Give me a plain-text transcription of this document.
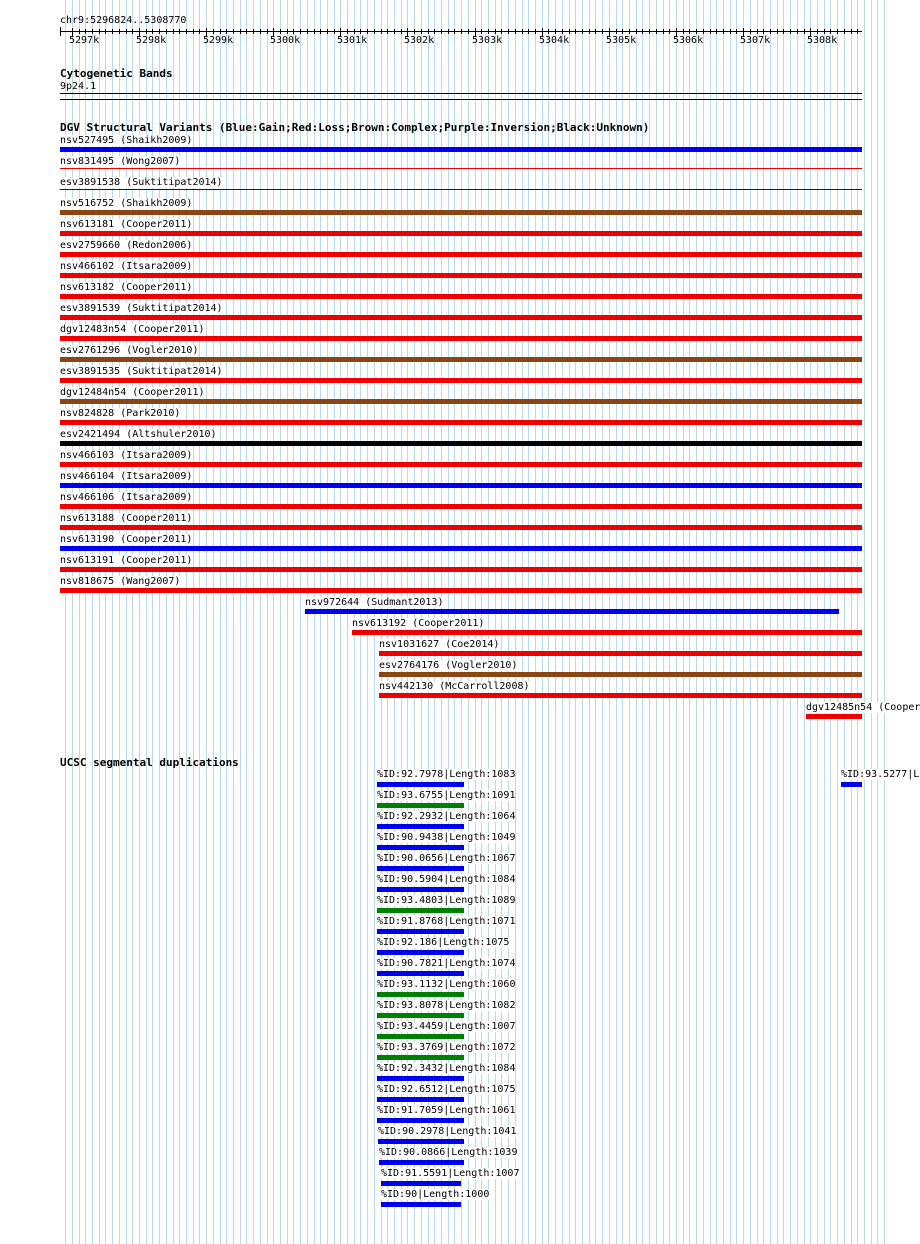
chr9:5296824..5308770
5297k	5298k	5299k	5300k	5301k	5302k	5303k	5304k	5305k	5306k	5307k	5308k
Cytogenetic Bands
9p24.1
DGV Structural Variants (Blue:Gain;Red:Loss;Brown:Complex;Purple:Inversion;Black:Unknown)
UCSC segmental duplications
nsv527495 (Shaikh2009)
nsv831495 (Wong2007)
esv3891538 (Suktitipat2014)
nsv516752 (Shaikh2009)
nsv613181 (Cooper2011)
esv2759660 (Redon2006)
nsv466102 (Itsara2009)
nsv613182 (Cooper2011)
esv3891539 (Suktitipat2014)
dgv12483n54 (Cooper2011)
esv2761296 (Vogler2010)
esv3891535 (Suktitipat2014)
dgv12484n54 (Cooper2011)
nsv824828 (Park2010)
esv2421494 (Altshuler2010)
nsv466103 (Itsara2009)
nsv466104 (Itsara2009)
nsv466106 (Itsara2009)
nsv613188 (Cooper2011)
nsv613190 (Cooper2011)
nsv613191 (Cooper2011)
nsv818675 (Wang2007)
nsv972644 (Sudmant2013)
nsv613192 (Cooper2011)
nsv1031627 (Coe2014)
esv2764176 (Vogler2010)
nsv442130 (McCarroll2008)
dgv12485n54 (Cooper
%ID:92.7978|Length:1083
%ID:93.6755|Length:1091
%ID:92.2932|Length:1064
%ID:90.9438|Length:1049
%ID:90.0656|Length:1067
%ID:90.5904|Length:1084
%ID:93.4803|Length:1089
%ID:91.8768|Length:1071
%ID:92.186|Length:1075
%ID:90.7821|Length:1074
%ID:93.1132|Length:1060
%ID:93.8078|Length:1082
%ID:93.4459|Length:1007
%ID:93.3769|Length:1072
%ID:92.3432|Length:1084
%ID:92.6512|Length:1075
%ID:91.7059|Length:1061
%ID:90.2978|Length:1041
%ID:90.0866|Length:1039
%ID:91.5591|Length:1007
%ID:90|Length:1000
%ID:93.5277|L
